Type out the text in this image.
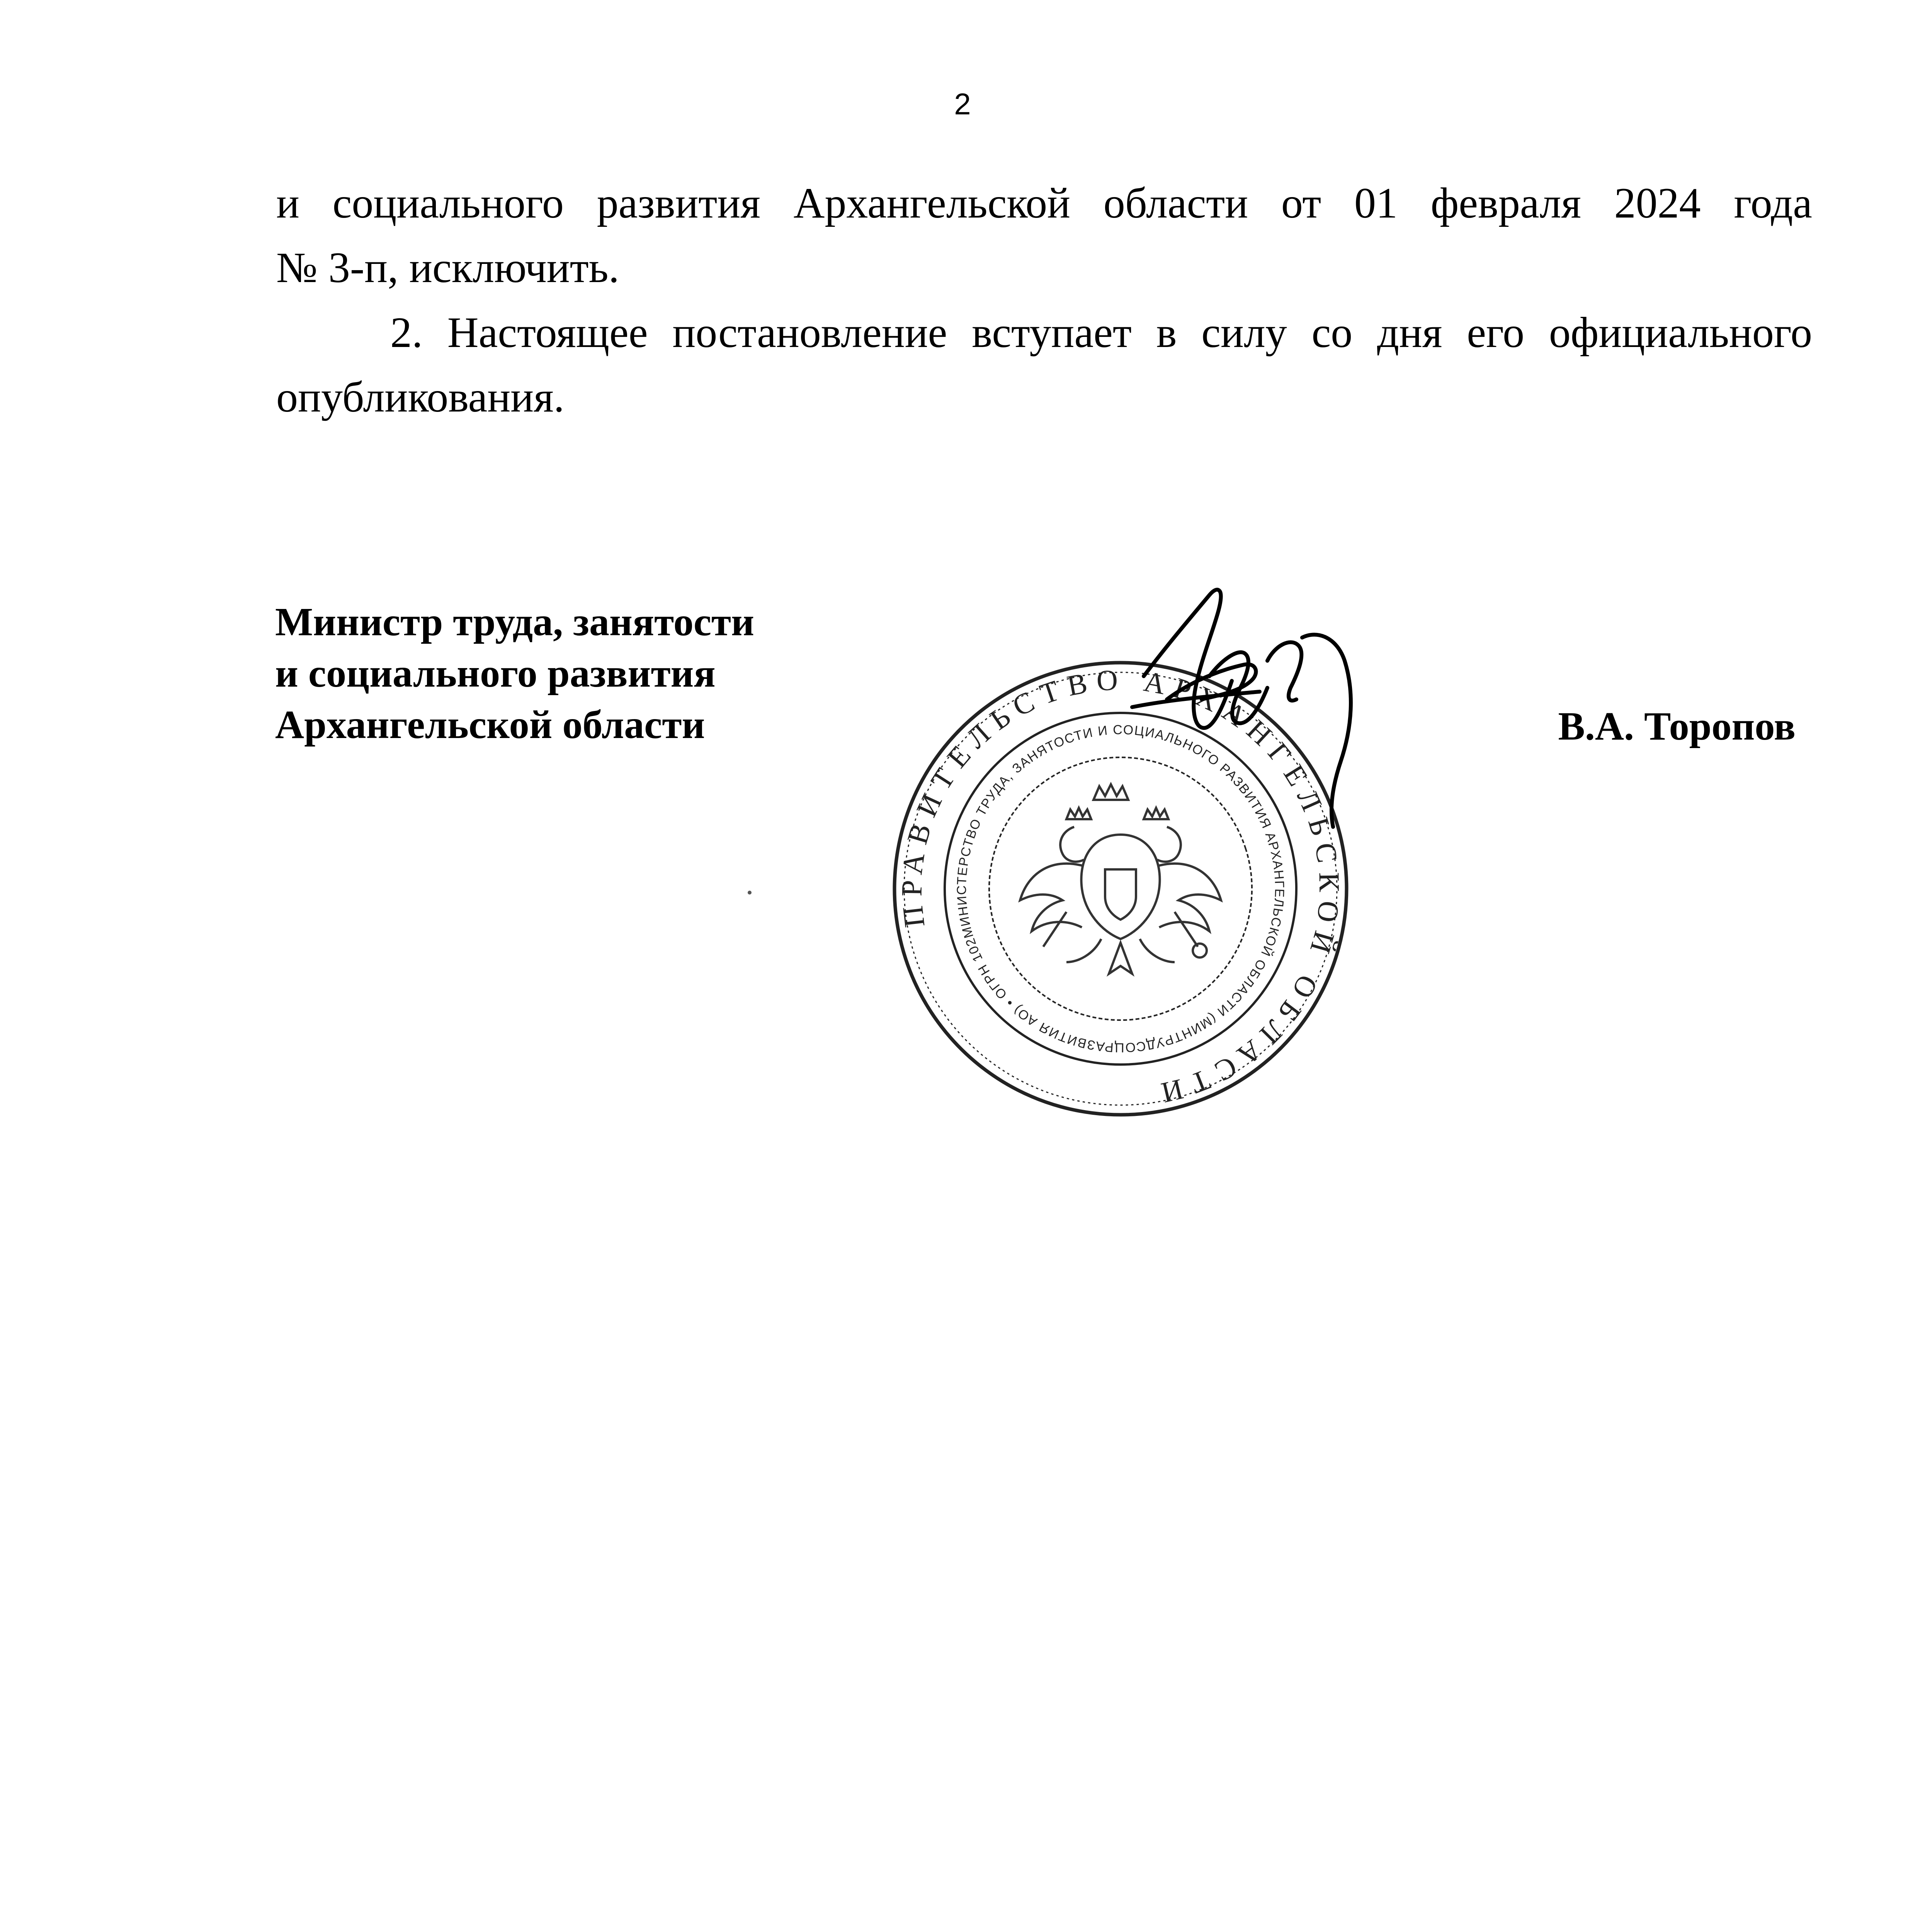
2
и социального развития Архангельской области от 01 февраля 2024 года
№ 3-п, исключить.
2. Настоящее постановление вступает в силу со дня его официального
опубликования.
Министр труда, занятости
и социального развития
Архангельской области	В.А. Торопов
ПРАВИТЕЛЬСТВО АРХАНГЕЛЬСКОЙ ОБЛАСТИ
МИНИСТЕРСТВО ТРУДА, ЗАНЯТОСТИ И СОЦИАЛЬНОГО РАЗВИТИЯ АРХАНГЕЛЬСКОЙ ОБЛАСТИ (МИНТРУДСОЦРАЗВИТИЯ АО) • ОГРН 1022901000957
